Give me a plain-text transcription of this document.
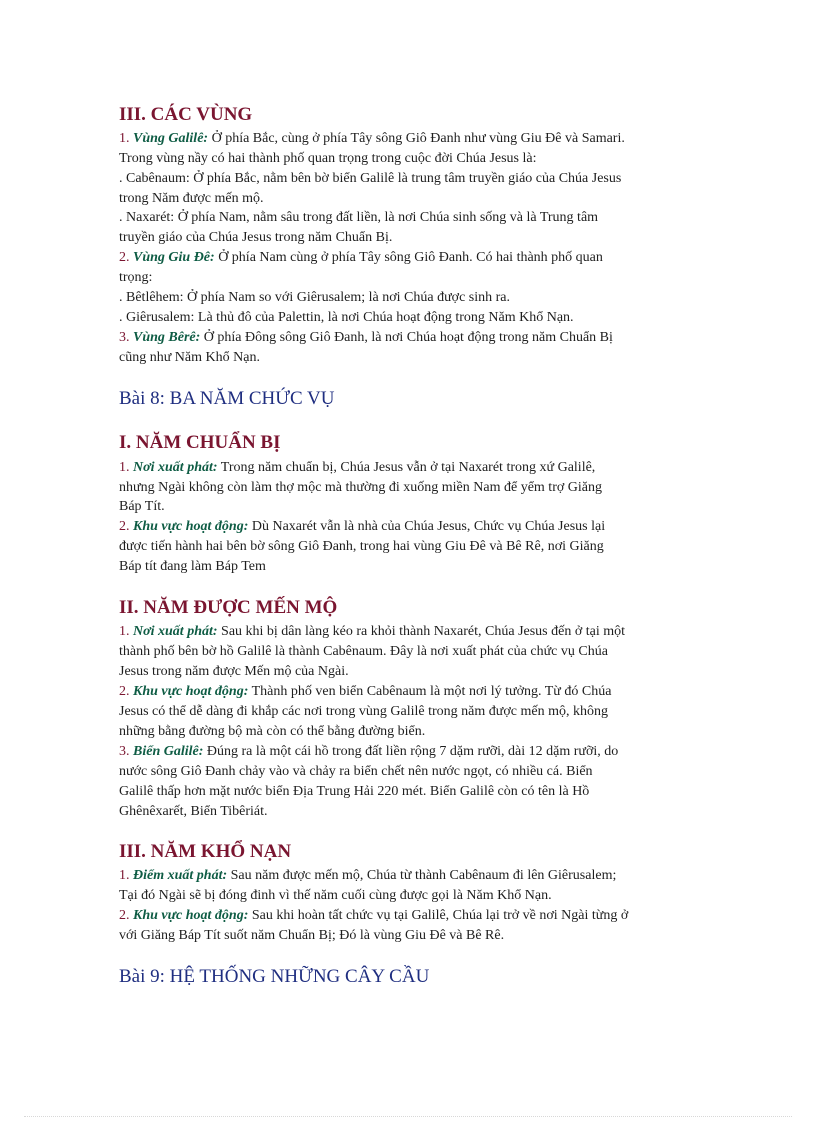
III. CÁC VÙNG
1. Vùng Galilê: Ở phía Bắc, cùng ở phía Tây sông Giô Đanh như vùng Giu Đê và Samari.
Trong vùng nầy có hai thành phố quan trọng trong cuộc đời Chúa Jesus là:
. Cabênaum: Ở phía Bắc, nằm bên bờ biển Galilê là trung tâm truyền giáo của Chúa Jesus
trong Năm được mến mộ.
. Naxarét: Ở phía Nam, nằm sâu trong đất liền, là nơi Chúa sinh sống và là Trung tâm
truyền giáo của Chúa Jesus trong năm Chuẩn Bị.
2. Vùng Giu Đê: Ở phía Nam cùng ở phía Tây sông Giô Đanh. Có hai thành phố quan
trọng:
. Bêtlêhem: Ở phía Nam so với Giêrusalem; là nơi Chúa được sinh ra.
. Giêrusalem: Là thủ đô của Palettin, là nơi Chúa hoạt động trong Năm Khổ Nạn.
3. Vùng Bêrê: Ở phía Đông sông Giô Đanh, là nơi Chúa hoạt động trong năm Chuẩn Bị
cũng như Năm Khổ Nạn.
Bài 8: BA NĂM CHỨC VỤ
I. NĂM CHUẨN BỊ
1. Nơi xuất phát: Trong năm chuẩn bị, Chúa Jesus vẫn ở tại Naxarét trong xứ Galilê,
nhưng Ngài không còn làm thợ mộc mà thường đi xuống miền Nam để yểm trợ Giăng
Báp Tít.
2. Khu vực hoạt động: Dù Naxarét vẫn là nhà của Chúa Jesus, Chức vụ Chúa Jesus lại
được tiến hành hai bên bờ sông Giô Đanh, trong hai vùng Giu Đê và Bê Rê, nơi Giăng
Báp tít đang làm Báp Tem
II. NĂM ĐƯỢC MẾN MỘ
1. Nơi xuất phát: Sau khi bị dân làng kéo ra khỏi thành Naxarét, Chúa Jesus đến ở tại một
thành phố bên bờ hồ Galilê là thành Cabênaum. Đây là nơi xuất phát của chức vụ Chúa
Jesus trong năm được Mến mộ của Ngài.
2. Khu vực hoạt động: Thành phố ven biển Cabênaum là một nơi lý tưởng. Từ đó Chúa
Jesus có thể dễ dàng đi khắp các nơi trong vùng Galilê trong năm được mến mộ, không
những bằng đường bộ mà còn có thể bằng đường biển.
3. Biển Galilê: Đúng ra là một cái hồ trong đất liền rộng 7 dặm rưỡi, dài 12 dặm rưỡi, do
nước sông Giô Đanh chảy vào và chảy ra biển chết nên nước ngọt, có nhiều cá. Biển
Galilê thấp hơn mặt nước biển Địa Trung Hải 220 mét. Biển Galilê còn có tên là Hồ
Ghênêxarết, Biển Tibêriát.
III. NĂM KHỔ NẠN
1. Điểm xuất phát: Sau năm được mến mộ, Chúa từ thành Cabênaum đi lên Giêrusalem;
Tại đó Ngài sẽ bị đóng đinh vì thế năm cuối cùng được gọi là Năm Khổ Nạn.
2. Khu vực hoạt động: Sau khi hoàn tất chức vụ tại Galilê, Chúa lại trở về nơi Ngài từng ở
với Giăng Báp Tít suốt năm Chuẩn Bị; Đó là vùng Giu Đê và Bê Rê.
Bài 9: HỆ THỐNG NHỮNG CÂY CẦU
